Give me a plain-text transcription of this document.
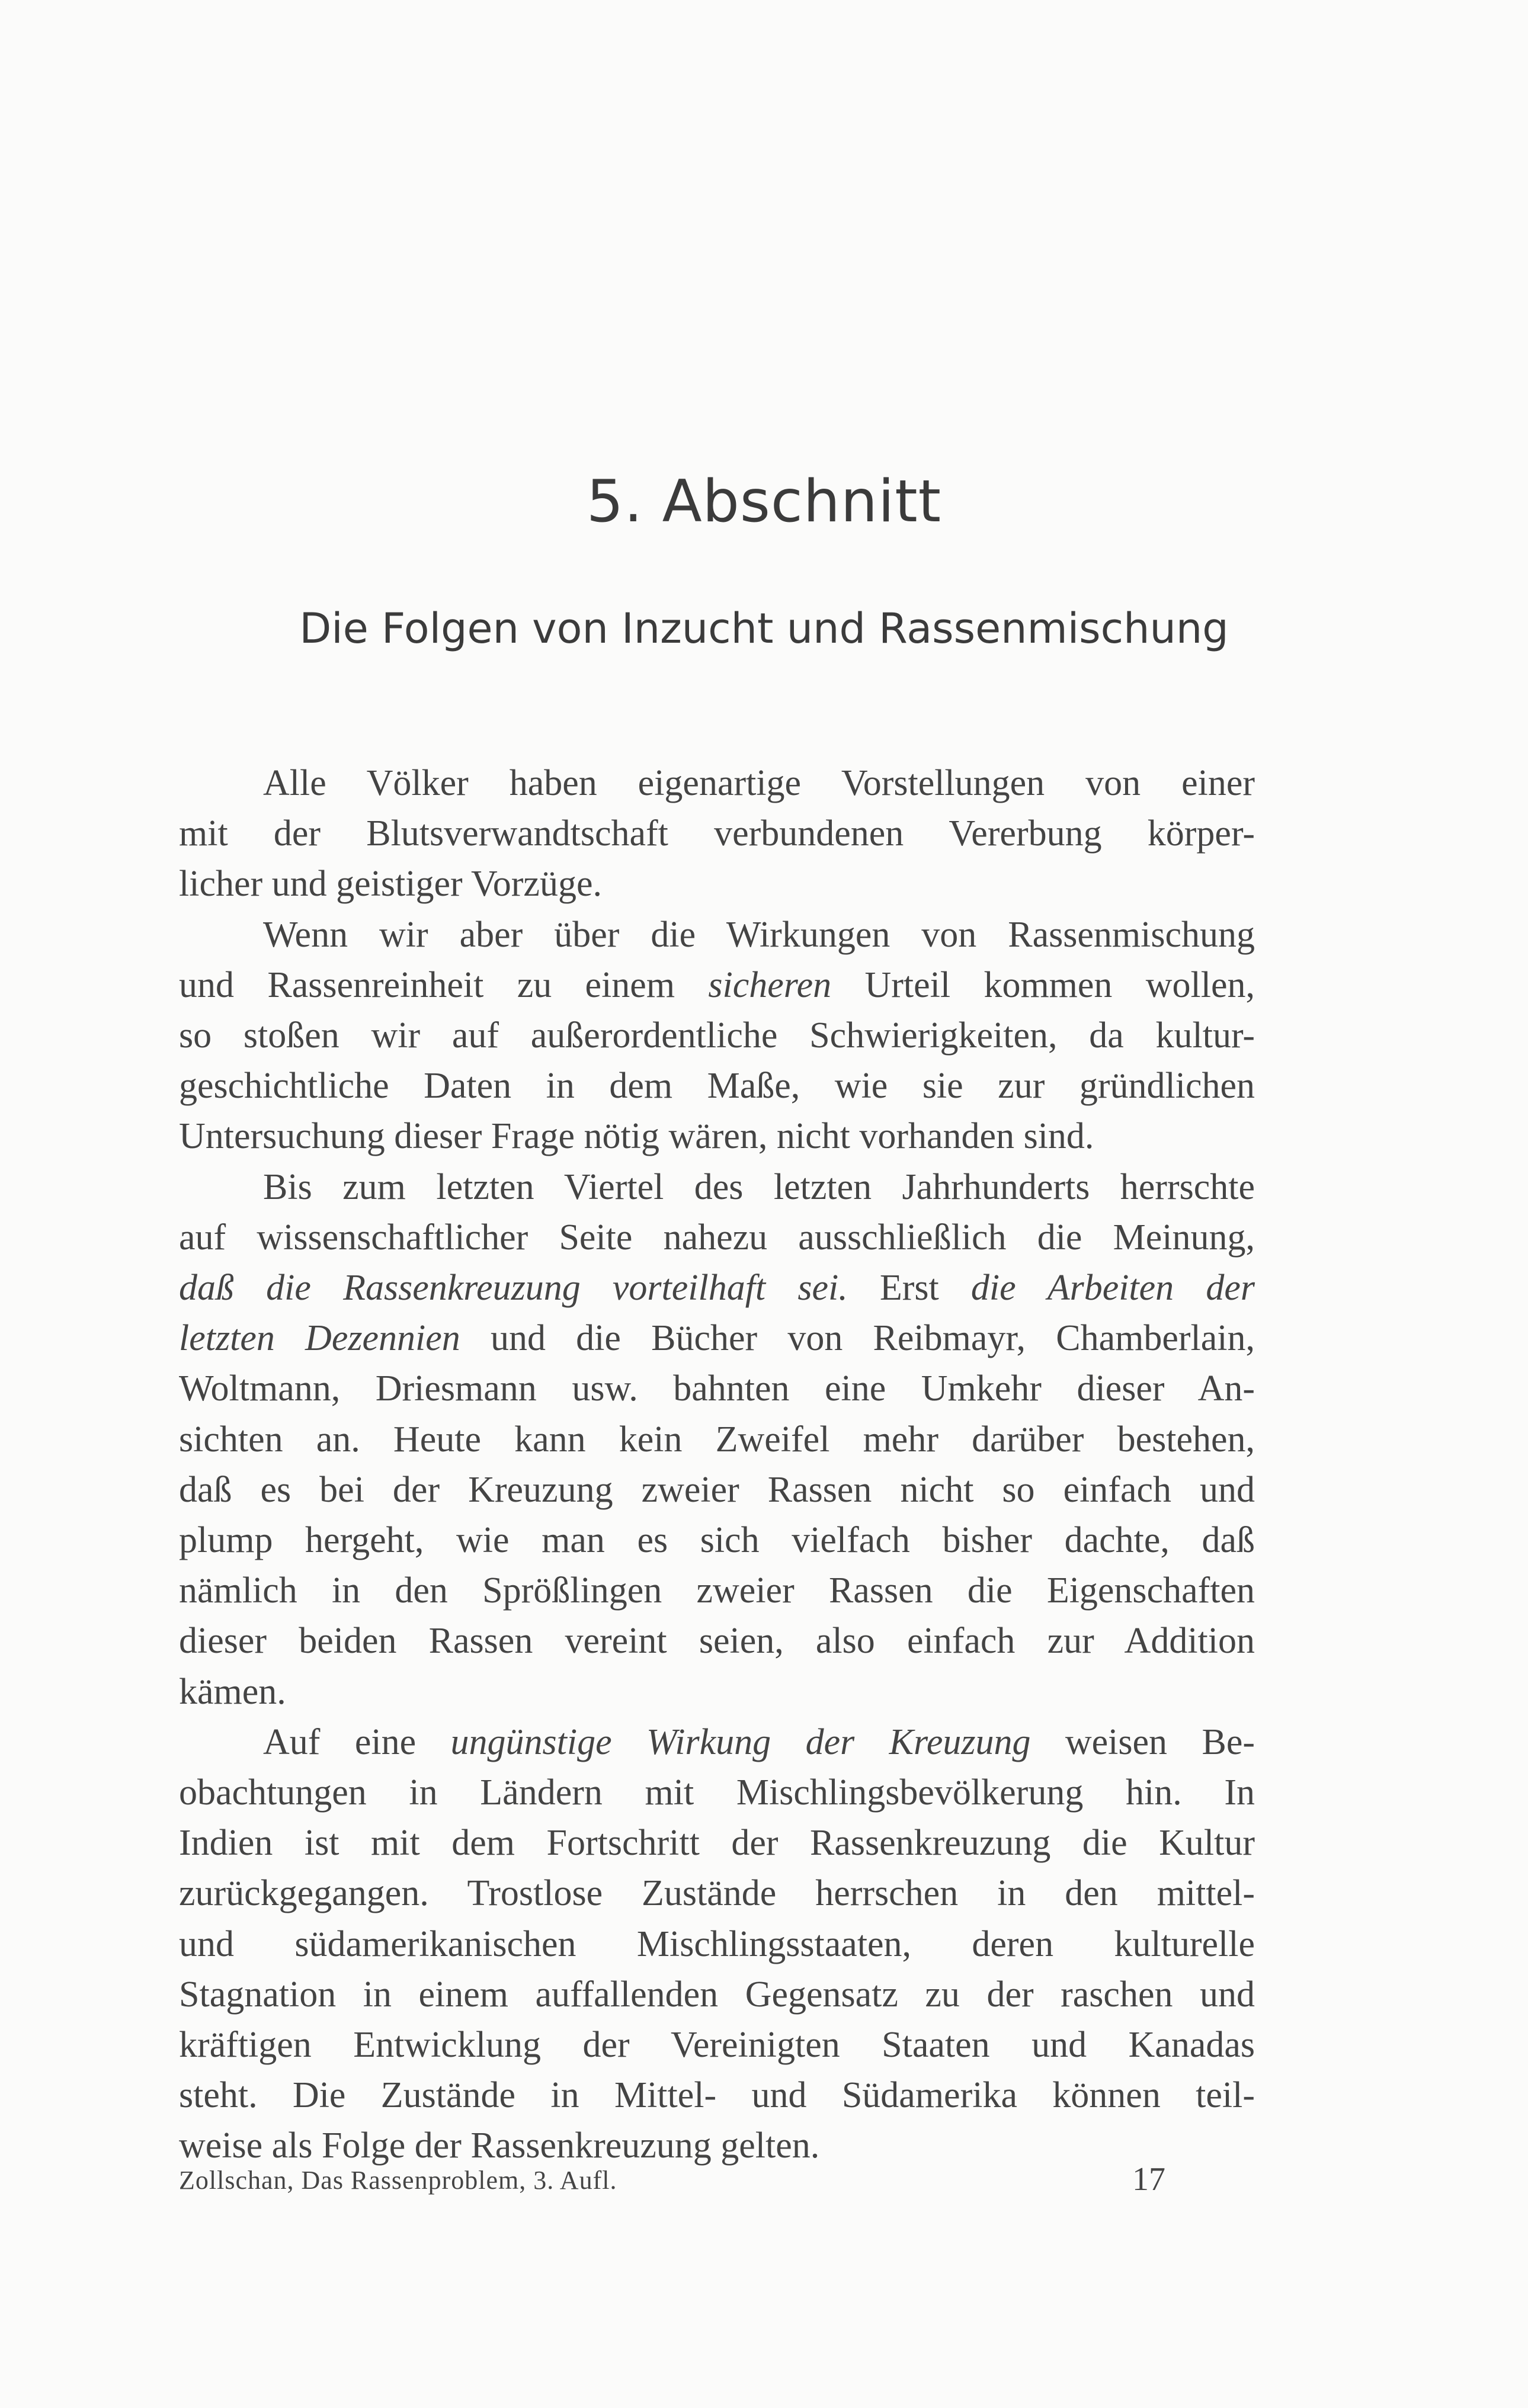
5. Abschnitt
Die Folgen von Inzucht und Rassenmischung
Alle Völker haben eigenartige Vorstellungen von einer
mit der Blutsverwandtschaft verbundenen Vererbung körper-
licher und geistiger Vorzüge.
Wenn wir aber über die Wirkungen von Rassenmischung
und Rassenreinheit zu einem sicheren Urteil kommen wollen,
so stoßen wir auf außerordentliche Schwierigkeiten, da kultur-
geschichtliche Daten in dem Maße, wie sie zur gründlichen
Untersuchung dieser Frage nötig wären, nicht vorhanden sind.
Bis zum letzten Viertel des letzten Jahrhunderts herrschte
auf wissenschaftlicher Seite nahezu ausschließlich die Meinung,
daß die Rassenkreuzung vorteilhaft sei. Erst die Arbeiten der
letzten Dezennien und die Bücher von Reibmayr, Chamberlain,
Woltmann, Driesmann usw. bahnten eine Umkehr dieser An-
sichten an. Heute kann kein Zweifel mehr darüber bestehen,
daß es bei der Kreuzung zweier Rassen nicht so einfach und
plump hergeht, wie man es sich vielfach bisher dachte, daß
nämlich in den Sprößlingen zweier Rassen die Eigenschaften
dieser beiden Rassen vereint seien, also einfach zur Addition
kämen.
Auf eine ungünstige Wirkung der Kreuzung weisen Be-
obachtungen in Ländern mit Mischlingsbevölkerung hin. In
Indien ist mit dem Fortschritt der Rassenkreuzung die Kultur
zurückgegangen. Trostlose Zustände herrschen in den mittel-
und südamerikanischen Mischlingsstaaten, deren kulturelle
Stagnation in einem auffallenden Gegensatz zu der raschen und
kräftigen Entwicklung der Vereinigten Staaten und Kanadas
steht. Die Zustände in Mittel- und Südamerika können teil-
weise als Folge der Rassenkreuzung gelten.
Zollschan, Das Rassenproblem, 3. Aufl.	17
